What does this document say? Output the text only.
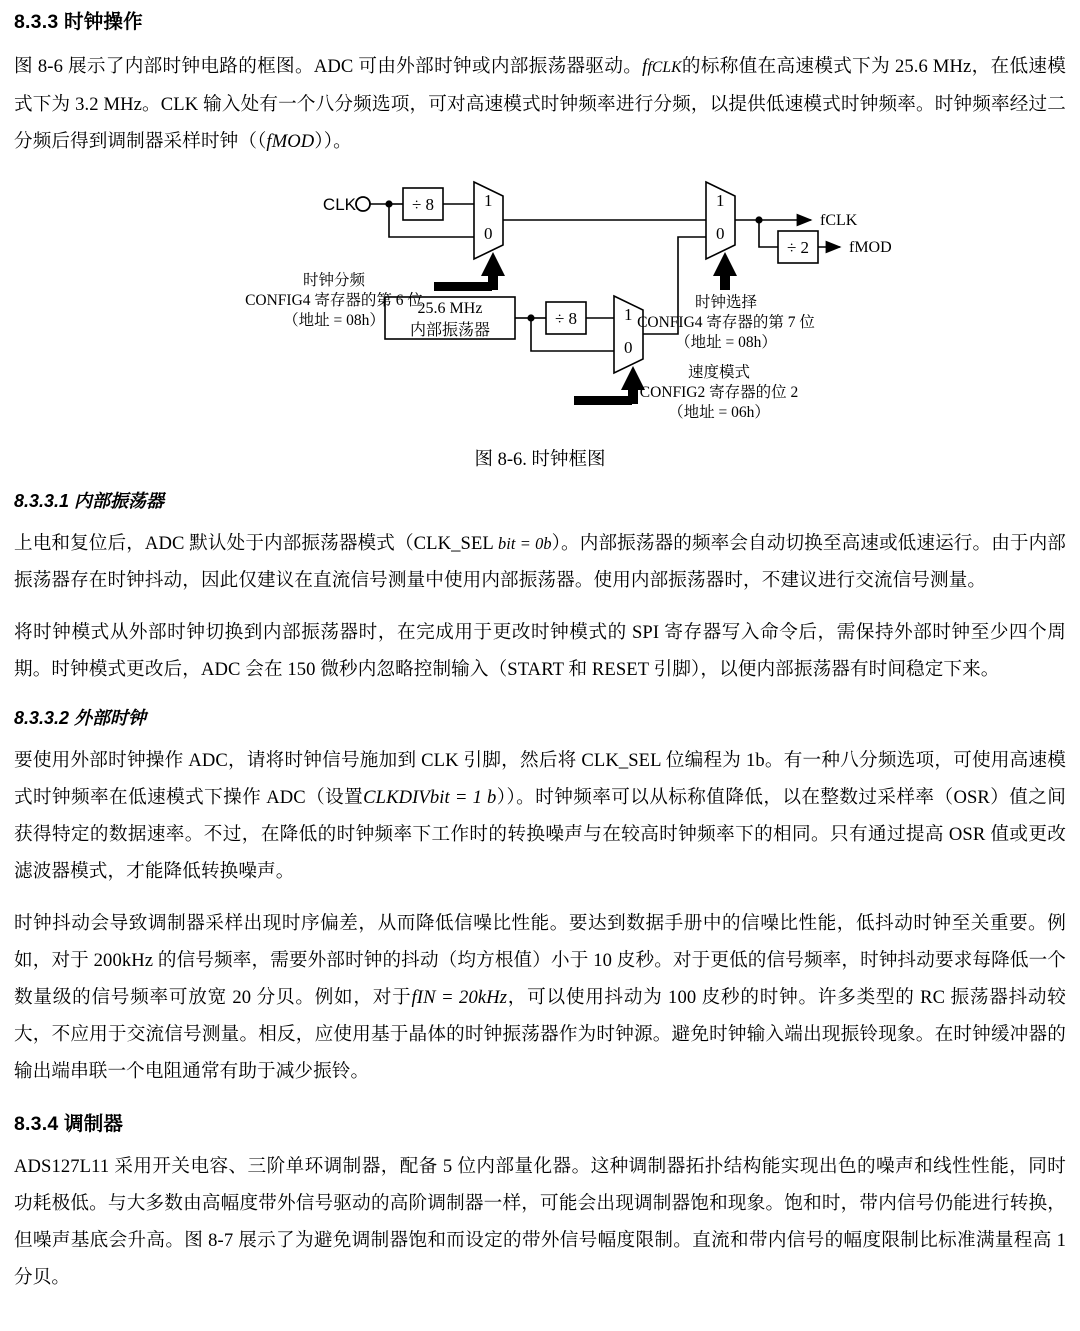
8.3.3 时钟操作

图 8-6 展示了内部时钟电路的框图。ADC 可由外部时钟或内部振荡器驱动。ffCLK的标称值在高速模式下为 25.6 MHz，在低速模式下为 3.2 MHz。CLK 输入处有一个八分频选项，可对高速模式时钟频率进行分频，以提供低速模式时钟频率。时钟频率经过二分频后得到调制器采样时钟（（fMOD））。

CLK	÷ 8
÷ 8
÷ 2
1
0
1
0
1
0
25.6 MHz
内部振荡器
fCLK
fMOD
时钟分频
CONFIG4 寄存器的第 6 位
（地址 = 08h）
时钟选择
CONFIG4 寄存器的第 7 位
（地址 = 08h）
速度模式
CONFIG2 寄存器的位 2
（地址 = 06h）
图 8-6. 时钟框图
8.3.3.1 内部振荡器

上电和复位后，ADC 默认处于内部振荡器模式（CLK_SEL bit = 0b）。内部振荡器的频率会自动切换至高速或低速运行。由于内部振荡器存在时钟抖动，因此仅建议在直流信号测量中使用内部振荡器。使用内部振荡器时，不建议进行交流信号测量。

将时钟模式从外部时钟切换到内部振荡器时，在完成用于更改时钟模式的 SPI 寄存器写入命令后，需保持外部时钟至少四个周期。时钟模式更改后，ADC 会在 150 微秒内忽略控制输入（START 和 RESET 引脚），以便内部振荡器有时间稳定下来。

8.3.3.2 外部时钟

要使用外部时钟操作 ADC，请将时钟信号施加到 CLK 引脚，然后将 CLK_SEL 位编程为 1b。有一种八分频选项，可使用高速模式时钟频率在低速模式下操作 ADC（设置CLKDIVbit = 1 b））。时钟频率可以从标称值降低，以在整数过采样率（OSR）值之间获得特定的数据速率。不过，在降低的时钟频率下工作时的转换噪声与在较高时钟频率下的相同。只有通过提高 OSR 值或更改滤波器模式，才能降低转换噪声。

时钟抖动会导致调制器采样出现时序偏差，从而降低信噪比性能。要达到数据手册中的信噪比性能，低抖动时钟至关重要。例如，对于 200kHz 的信号频率，需要外部时钟的抖动（均方根值）小于 10 皮秒。对于更低的信号频率，时钟抖动要求每降低一个数量级的信号频率可放宽 20 分贝。例如，对于fIN = 20kHz，可以使用抖动为 100 皮秒的时钟。许多类型的 RC 振荡器抖动较大，不应用于交流信号测量。相反，应使用基于晶体的时钟振荡器作为时钟源。避免时钟输入端出现振铃现象。在时钟缓冲器的输出端串联一个电阻通常有助于减少振铃。

8.3.4 调制器

ADS127L11 采用开关电容、三阶单环调制器，配备 5 位内部量化器。这种调制器拓扑结构能实现出色的噪声和线性性能，同时功耗极低。与大多数由高幅度带外信号驱动的高阶调制器一样，可能会出现调制器饱和现象。饱和时，带内信号仍能进行转换，但噪声基底会升高。图 8-7 展示了为避免调制器饱和而设定的带外信号幅度限制。直流和带内信号的幅度限制比标准满量程高 1 分贝。
